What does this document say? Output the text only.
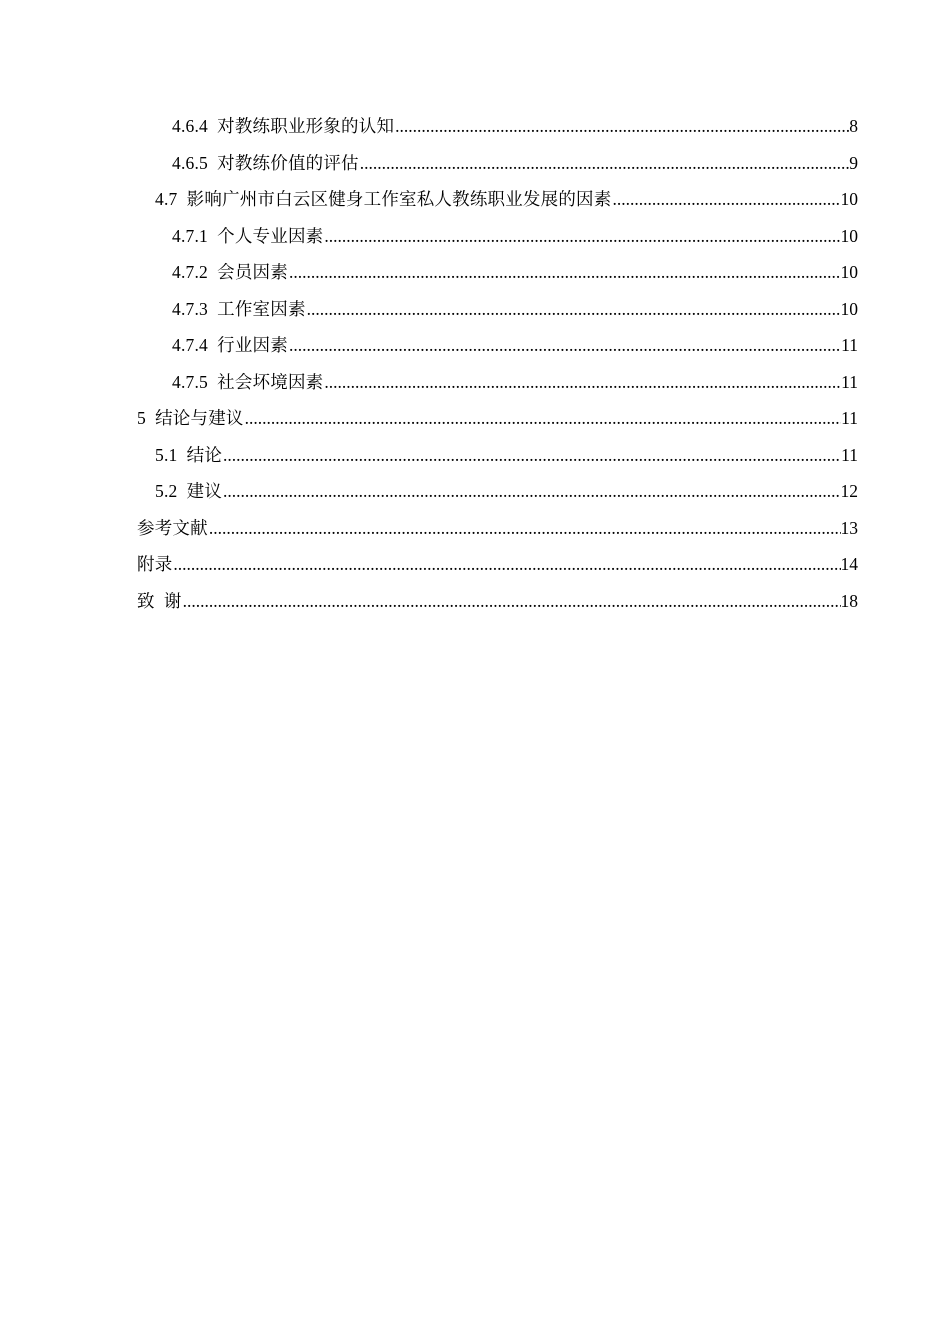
4.6.4  对教练职业形象的认知 .....	8
4.6.5  对教练价值的评估 .....	9
4.7  影响广州市白云区健身工作室私人教练职业发展的因素 .....	10
4.7.1  个人专业因素 .....	10
4.7.2  会员因素 .....	10
4.7.3  工作室因素 .....	10
4.7.4  行业因素 .....	11
4.7.5  社会坏境因素 .....	11
5  结论与建议 .....	11
5.1  结论 .....	11
5.2  建议 .....	12
参考文献 .....	13
附录 .....	14
致  谢 .....	18
